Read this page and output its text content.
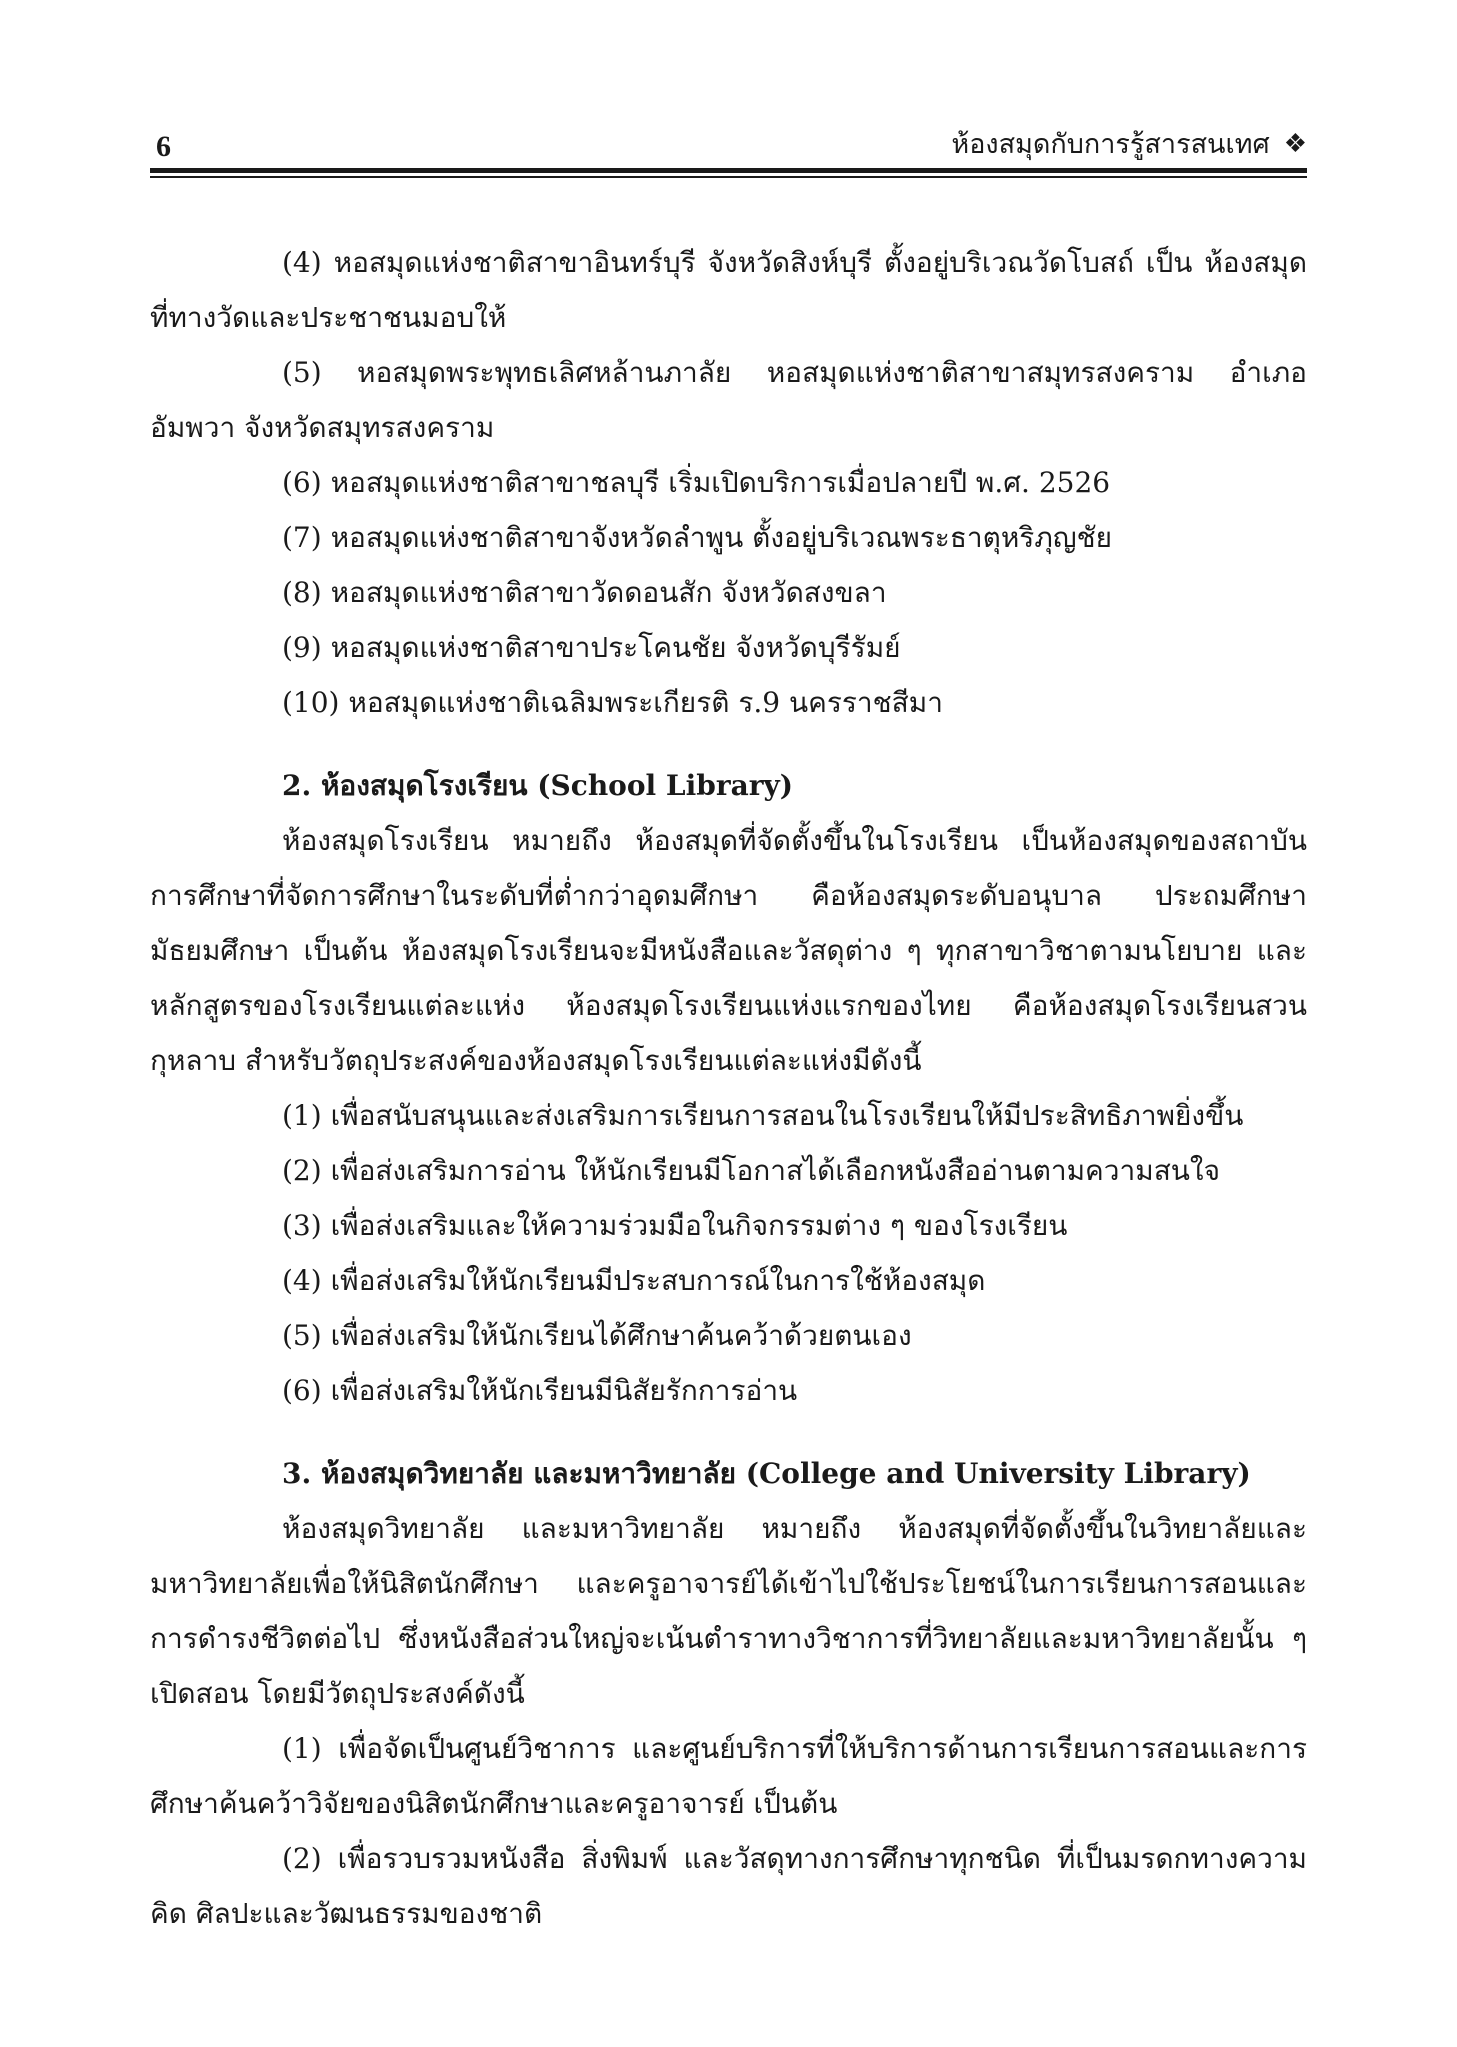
6	ห้องสมุดกับการรู้สารสนเทศ ❖

(4) หอสมุดแห่งชาติสาขาอินทร์บุรี จังหวัดสิงห์บุรี ตั้งอยู่บริเวณวัดโบสถ์ เป็น ห้องสมุดที่ทางวัดและประชาชนมอบให้

(5) หอสมุดพระพุทธเลิศหล้านภาลัย หอสมุดแห่งชาติสาขาสมุทรสงคราม อำเภออัมพวา จังหวัดสมุทรสงคราม

(6) หอสมุดแห่งชาติสาขาชลบุรี เริ่มเปิดบริการเมื่อปลายปี พ.ศ. 2526

(7) หอสมุดแห่งชาติสาขาจังหวัดลำพูน ตั้งอยู่บริเวณพระธาตุหริภุญชัย

(8) หอสมุดแห่งชาติสาขาวัดดอนสัก จังหวัดสงขลา

(9) หอสมุดแห่งชาติสาขาประโคนชัย จังหวัดบุรีรัมย์

(10) หอสมุดแห่งชาติเฉลิมพระเกียรติ ร.9 นครราชสีมา

2. ห้องสมุดโรงเรียน (School Library)

ห้องสมุดโรงเรียน หมายถึง ห้องสมุดที่จัดตั้งขึ้นในโรงเรียน เป็นห้องสมุดของสถาบันการศึกษาที่จัดการศึกษาในระดับที่ต่ำกว่าอุดมศึกษา คือห้องสมุดระดับอนุบาล ประถมศึกษา มัธยมศึกษา เป็นต้น ห้องสมุดโรงเรียนจะมีหนังสือและวัสดุต่าง ๆ ทุกสาขาวิชาตามนโยบาย และหลักสูตรของโรงเรียนแต่ละแห่ง ห้องสมุดโรงเรียนแห่งแรกของไทย คือห้องสมุดโรงเรียนสวนกุหลาบ สำหรับวัตถุประสงค์ของห้องสมุดโรงเรียนแต่ละแห่งมีดังนี้

(1) เพื่อสนับสนุนและส่งเสริมการเรียนการสอนในโรงเรียนให้มีประสิทธิภาพยิ่งขึ้น

(2) เพื่อส่งเสริมการอ่าน ให้นักเรียนมีโอกาสได้เลือกหนังสืออ่านตามความสนใจ

(3) เพื่อส่งเสริมและให้ความร่วมมือในกิจกรรมต่าง ๆ ของโรงเรียน

(4) เพื่อส่งเสริมให้นักเรียนมีประสบการณ์ในการใช้ห้องสมุด

(5) เพื่อส่งเสริมให้นักเรียนได้ศึกษาค้นคว้าด้วยตนเอง

(6) เพื่อส่งเสริมให้นักเรียนมีนิสัยรักการอ่าน

3. ห้องสมุดวิทยาลัย และมหาวิทยาลัย (College and University Library)

ห้องสมุดวิทยาลัย และมหาวิทยาลัย หมายถึง ห้องสมุดที่จัดตั้งขึ้นในวิทยาลัยและมหาวิทยาลัยเพื่อให้นิสิตนักศึกษา และครูอาจารย์ได้เข้าไปใช้ประโยชน์ในการเรียนการสอนและการดำรงชีวิตต่อไป ซึ่งหนังสือส่วนใหญ่จะเน้นตำราทางวิชาการที่วิทยาลัยและมหาวิทยาลัยนั้น ๆ เปิดสอน โดยมีวัตถุประสงค์ดังนี้

(1) เพื่อจัดเป็นศูนย์วิชาการ และศูนย์บริการที่ให้บริการด้านการเรียนการสอนและการศึกษาค้นคว้าวิจัยของนิสิตนักศึกษาและครูอาจารย์ เป็นต้น

(2) เพื่อรวบรวมหนังสือ สิ่งพิมพ์ และวัสดุทางการศึกษาทุกชนิด ที่เป็นมรดกทางความคิด ศิลปะและวัฒนธรรมของชาติ
